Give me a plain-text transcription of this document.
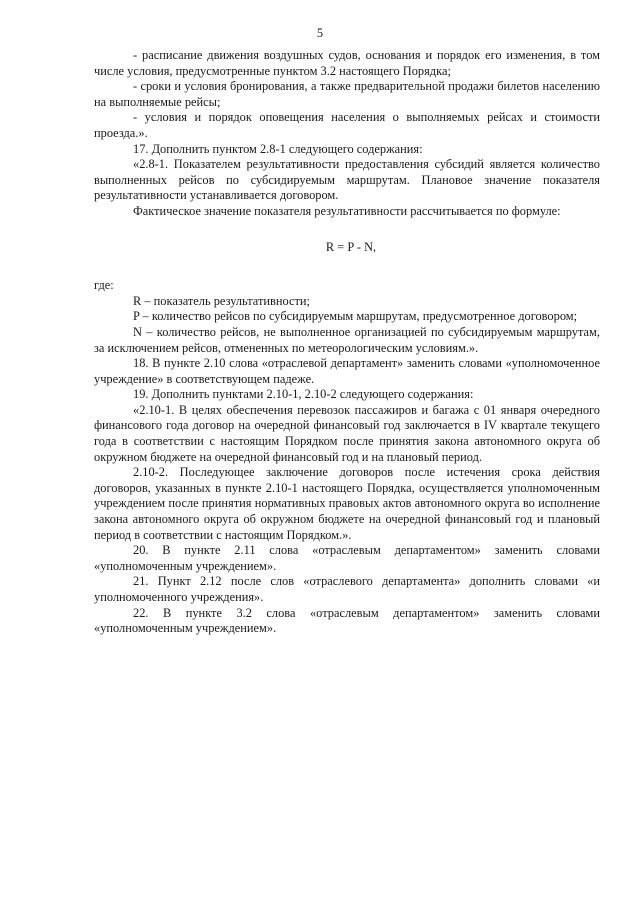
5

- расписание движения воздушных судов, основания и порядок его изменения, в том числе условия, предусмотренные пунктом 3.2 настоящего Порядка;

- сроки и условия бронирования, а также предварительной продажи билетов населению на выполняемые рейсы;

- условия и порядок оповещения населения о выполняемых рейсах и стоимости проезда.».

17. Дополнить пунктом 2.8-1 следующего содержания:

«2.8-1. Показателем результативности предоставления субсидий является количество выполненных рейсов по субсидируемым маршрутам. Плановое значение показателя результативности устанавливается договором.

Фактическое значение показателя результативности рассчитывается по формуле:

R = P - N,

где:

R – показатель результативности;

P – количество рейсов по субсидируемым маршрутам, предусмотренное договором;

N – количество рейсов, не выполненное организацией по субсидируемым маршрутам, за исключением рейсов, отмененных по метеорологическим условиям.».

18. В пункте 2.10 слова «отраслевой департамент» заменить словами «уполномоченное учреждение» в соответствующем падеже.

19. Дополнить пунктами 2.10-1, 2.10-2 следующего содержания:

«2.10-1. В целях обеспечения перевозок пассажиров и багажа с 01 января очередного финансового года договор на очередной финансовый год заключается в IV квартале текущего года в соответствии с настоящим Порядком после принятия закона автономного округа об окружном бюджете на очередной финансовый год и на плановый период.

2.10-2. Последующее заключение договоров после истечения срока действия договоров, указанных в пункте 2.10-1 настоящего Порядка, осуществляется уполномоченным учреждением после принятия нормативных правовых актов автономного округа во исполнение закона автономного округа об окружном бюджете на очередной финансовый год и плановый период в соответствии с настоящим Порядком.».

20. В пункте 2.11 слова «отраслевым департаментом» заменить словами «уполномоченным учреждением».

21. Пункт 2.12 после слов «отраслевого департамента» дополнить словами «и уполномоченного учреждения».

22. В пункте 3.2 слова «отраслевым департаментом» заменить словами «уполномоченным учреждением».
